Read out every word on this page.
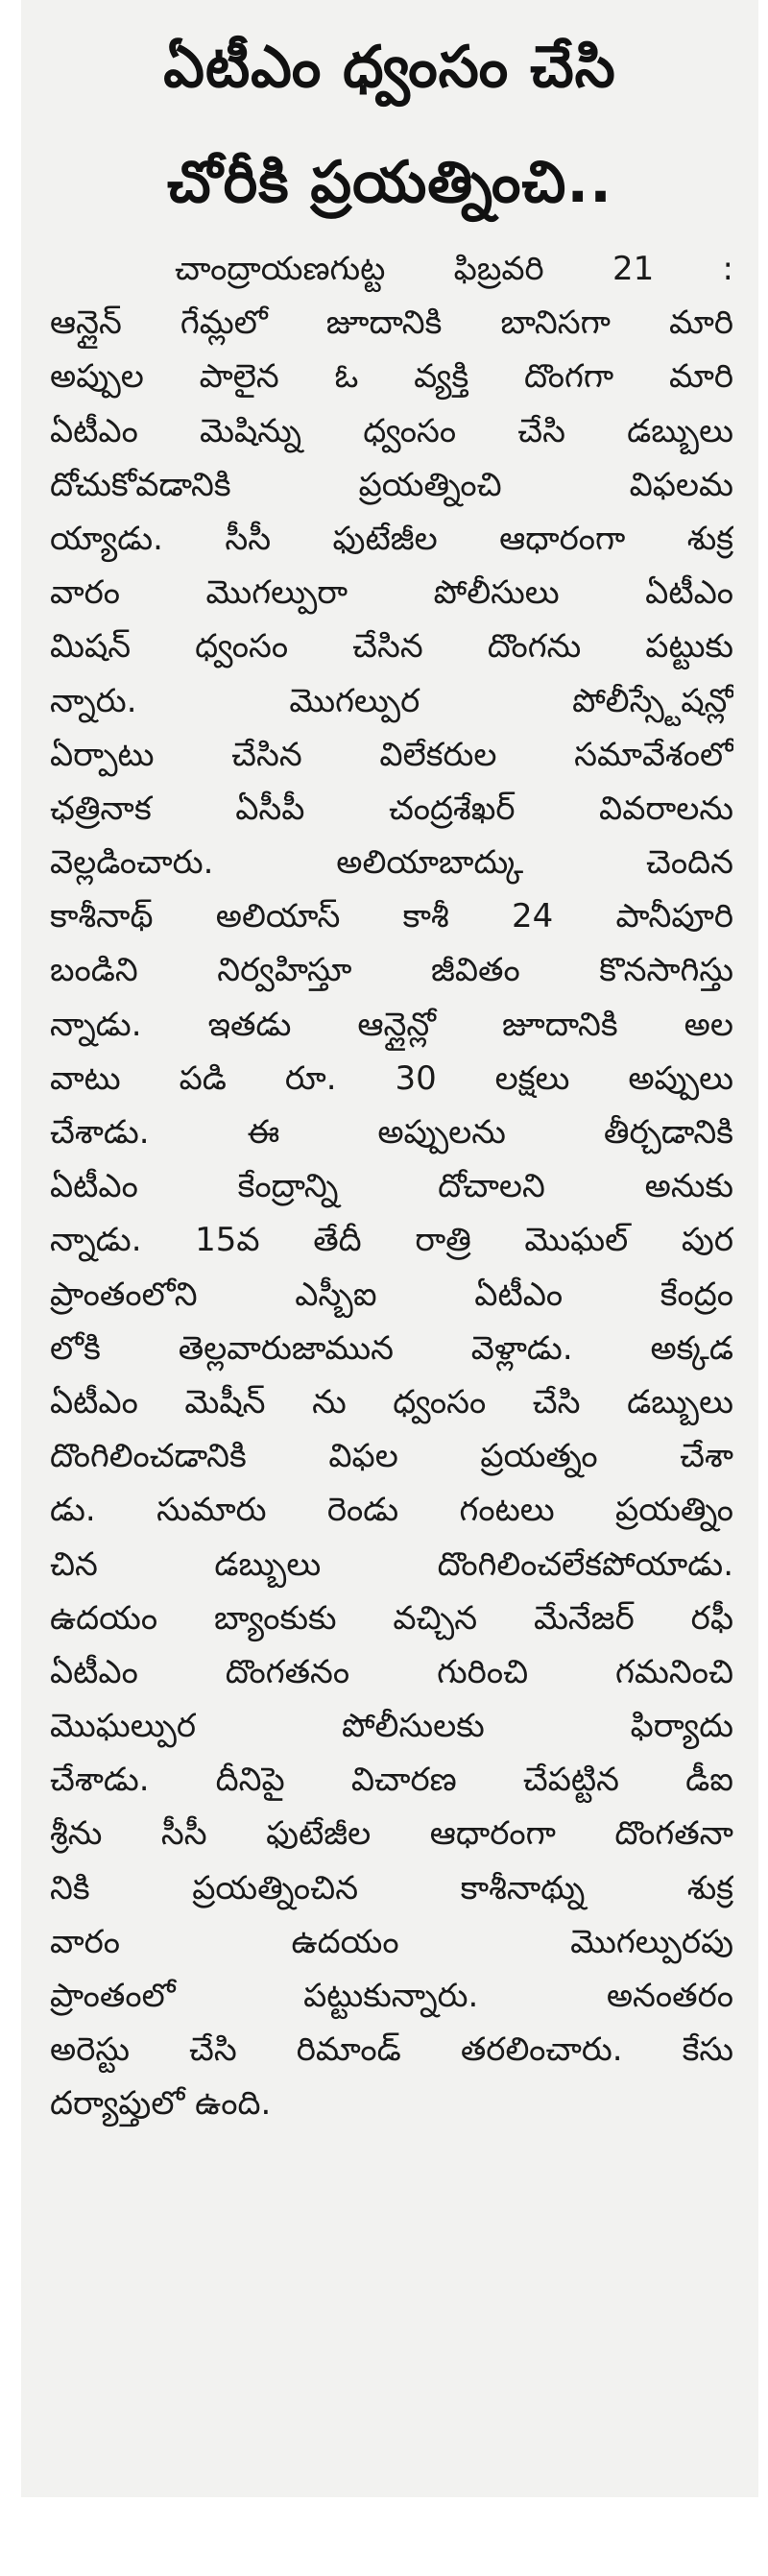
ఏటీఎం ధ్వంసం చేసి
చోరీకి ప్రయత్నించి..
చాంద్రాయణగుట్ట ఫిబ్రవరి 21 :
ఆన్లైన్ గేమ్లలో జూదానికి బానిసగా మారి
అప్పుల పాలైన ఓ వ్యక్తి దొంగగా మారి
ఏటీఎం మెషిన్ను ధ్వంసం చేసి డబ్బులు
దోచుకోవడానికి ప్రయత్నించి విఫలమ
య్యాడు. సీసీ ఫుటేజీల ఆధారంగా శుక్ర
వారం మొగల్పురా పోలీసులు ఏటీఎం
మిషన్ ధ్వంసం చేసిన దొంగను పట్టుకు
న్నారు. మొగల్పుర పోలీస్స్టేషన్లో
ఏర్పాటు చేసిన విలేకరుల సమావేశంలో
ఛత్రినాక ఏసీపీ చంద్రశేఖర్ వివరాలను
వెల్లడించారు. అలియాబాద్కు చెందిన
కాశీనాథ్ అలియాస్ కాశీ 24 పానీపూరి
బండిని నిర్వహిస్తూ జీవితం కొనసాగిస్తు
న్నాడు. ఇతడు ఆన్లైన్లో జూదానికి అల
వాటు పడి రూ. 30 లక్షలు అప్పులు
చేశాడు. ఈ అప్పులను తీర్చడానికి
ఏటీఎం కేంద్రాన్ని దోచాలని అనుకు
న్నాడు. 15వ తేదీ రాత్రి మొఘల్ పుర
ప్రాంతంలోని ఎస్బీఐ ఏటీఎం కేంద్రం
లోకి తెల్లవారుజామున వెళ్లాడు. అక్కడ
ఏటీఎం మెషీన్ ను ధ్వంసం చేసి డబ్బులు
దొంగిలించడానికి విఫల ప్రయత్నం చేశా
డు. సుమారు రెండు గంటలు ప్రయత్నిం
చిన డబ్బులు దొంగిలించలేకపోయాడు.
ఉదయం బ్యాంకుకు వచ్చిన మేనేజర్ రఫీ
ఏటీఎం దొంగతనం గురించి గమనించి
మొఘల్పుర పోలీసులకు ఫిర్యాదు
చేశాడు. దీనిపై విచారణ చేపట్టిన డీఐ
శ్రీను సీసీ ఫుటేజీల ఆధారంగా దొంగతనా
నికి ప్రయత్నించిన కాశీనాథ్ను శుక్ర
వారం ఉదయం మొగల్పురపు
ప్రాంతంలో పట్టుకున్నారు. అనంతరం
అరెస్టు చేసి రిమాండ్ తరలించారు. కేసు
దర్యాప్తులో ఉంది.
